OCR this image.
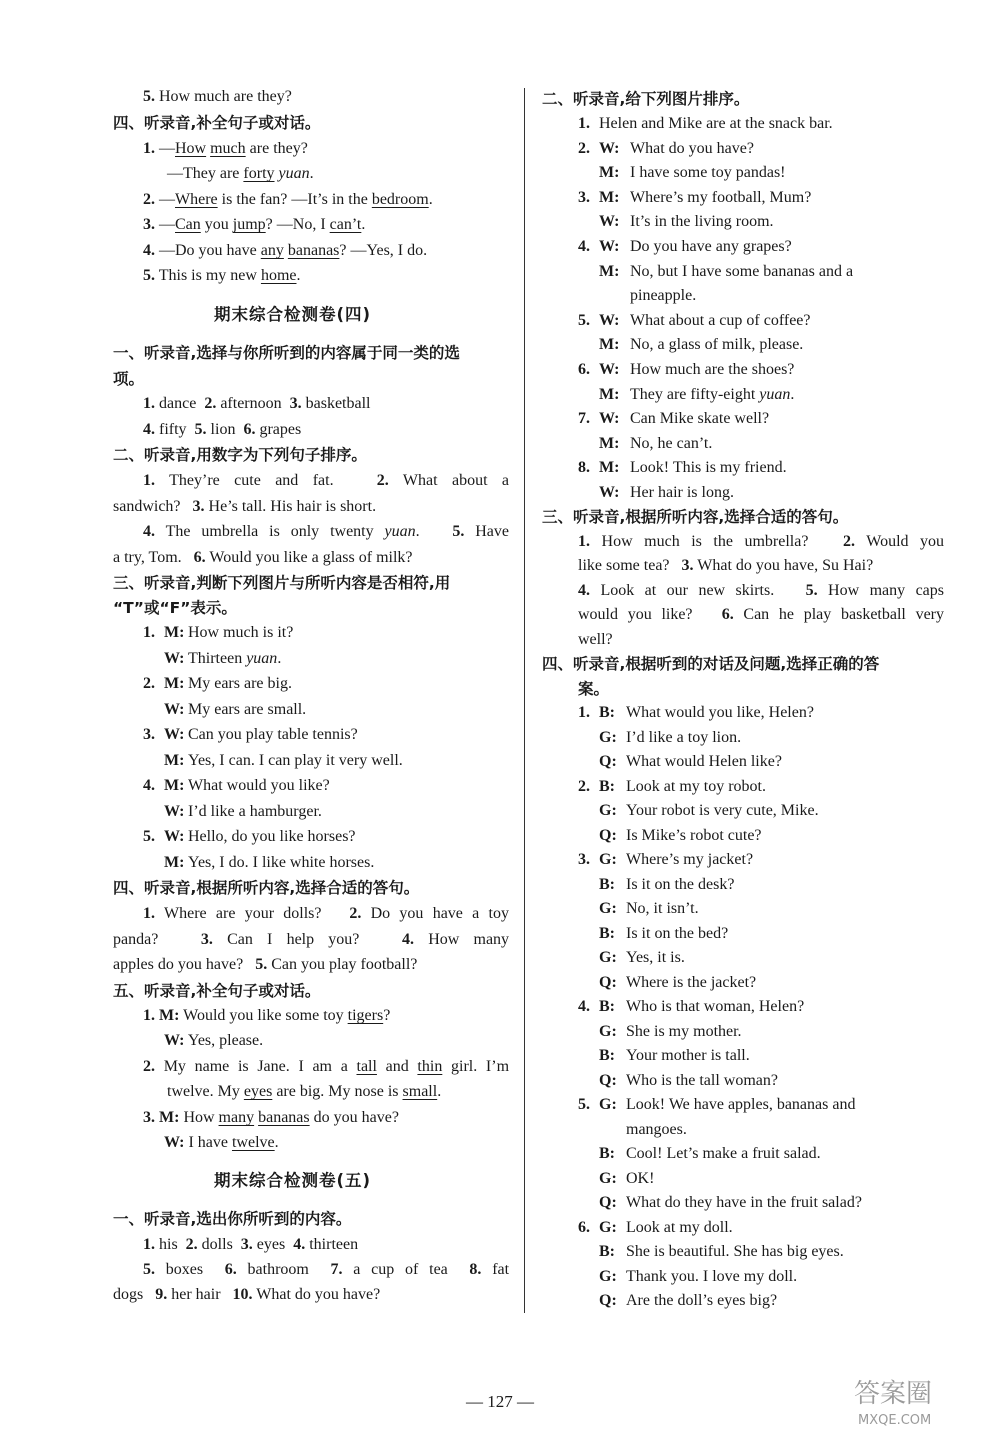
5. How much are they?
四、听录音,补全句子或对话。
1. —How much are they?
—They are forty yuan.
2. —Where is the fan? —It’s in the bedroom.
3. —Can you jump? —No, I can’t.
4. —Do you have any bananas? —Yes, I do.
5. This is my new home.
期末综合检测卷(四)
一、听录音,选择与你所听到的内容属于同一类的选
项。
1. dance 2. afternoon 3. basketball
4. fifty 5. lion 6. grapes
二、听录音,用数字为下列句子排序。
1. They’re cute and fat.	2. What about a
sandwich? 3. He’s tall. His hair is short.
4. The umbrella is only twenty yuan. 5. Have
a try, Tom. 6. Would you like a glass of milk?
三、听录音,判断下列图片与所听内容是否相符,用
“T”或“F”表示。
1. M: How much is it?
W: Thirteen yuan.
2. M: My ears are big.
W: My ears are small.
3. W: Can you play table tennis?
M: Yes, I can. I can play it very well.
4. M: What would you like?
W: I’d like a hamburger.
5. W: Hello, do you like horses?
M: Yes, I do. I like white horses.
四、听录音,根据所听内容,选择合适的答句。
1. Where are your dolls? 2. Do you have a toy
panda?	3. Can I help you?	4. How many
apples do you have? 5. Can you play football?
五、听录音,补全句子或对话。
1. M: Would you like some toy tigers?
W: Yes, please.
2. My name is Jane. I am a tall and thin girl. I’m
twelve. My eyes are big. My nose is small.
3. M: How many bananas do you have?
W: I have twelve.
期末综合检测卷(五)
一、听录音,选出你所听到的内容。
1. his 2. dolls 3. eyes 4. thirteen
5. boxes 6. bathroom 7. a cup of tea 8. fat
dogs 9. her hair 10. What do you have?
二、听录音,给下列图片排序。
1. Helen and Mike are at the snack bar.
2. W: What do you have?
M: I have some toy pandas!
3. M: Where’s my football, Mum?
W: It’s in the living room.
4. W: Do you have any grapes?
M: No, but I have some bananas and a
pineapple.
5. W: What about a cup of coffee?
M: No, a glass of milk, please.
6. W: How much are the shoes?
M: They are fifty-eight yuan.
7. W: Can Mike skate well?
M: No, he can’t.
8. M: Look! This is my friend.
W: Her hair is long.
三、听录音,根据所听内容,选择合适的答句。
1. How much is the umbrella? 2. Would you
like some tea? 3. What do you have, Su Hai?
4. Look at our new skirts. 5. How many caps
would you like? 6. Can he play basketball very
well?
四、听录音,根据听到的对话及问题,选择正确的答
案。
1. B: What would you like, Helen?
G: I’d like a toy lion.
Q: What would Helen like?
2. B: Look at my toy robot.
G: Your robot is very cute, Mike.
Q: Is Mike’s robot cute?
3. G: Where’s my jacket?
B: Is it on the desk?
G: No, it isn’t.
B: Is it on the bed?
G: Yes, it is.
Q: Where is the jacket?
4. B: Who is that woman, Helen?
G: She is my mother.
B: Your mother is tall.
Q: Who is the tall woman?
5. G: Look! We have apples, bananas and
mangoes.
B: Cool! Let’s make a fruit salad.
G: OK!
Q: What do they have in the fruit salad?
6. G: Look at my doll.
B: She is beautiful. She has big eyes.
G: Thank you. I love my doll.
Q: Are the doll’s eyes big?
— 127 —	答案圈
MXQE.COM
